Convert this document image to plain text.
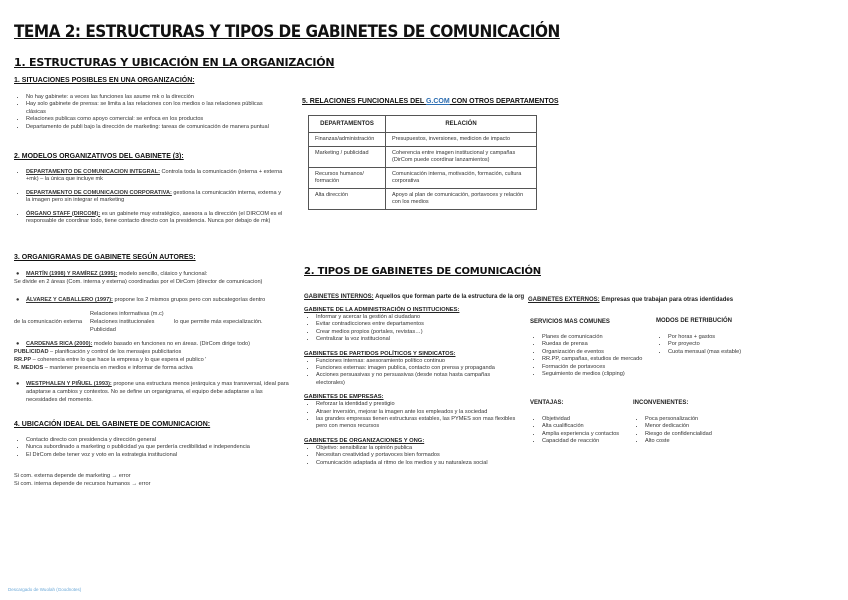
TEMA 2: ESTRUCTURAS Y TIPOS DE GABINETES DE COMUNICACIÓN
1. ESTRUCTURAS Y UBICACIÓN EN LA ORGANIZACIÓN
1. SITUACIONES POSIBLES EN UNA ORGANIZACIÓN:
• No hay gabinete: a veces las funciones las asume mk o la dirección
• Hay solo gabinete de prensa: se limita a las relaciones con los medios o las relaciones públicas clásicas
• Relaciones publicas como apoyo comercial: se enfoca en los productos
• Departamento de publi bajo la dirección de marketing: tareas de comunicación de manera puntual
2. MODELOS ORGANIZATIVOS DEL GABINETE (3):
• DEPARTAMENTO DE COMUNICACION INTEGRAL: Controla toda la comunicación (interna + externa +mk) – la única que incluye mk
• DEPARTAMENTO DE COMUNICACION CORPORATIVA: gestiona la comunicación interna, externa y la imagen pero sin integrar el marketing
• ÓRGANO STAFF (DIRCOM): es un gabinete muy estratégico, asesora a la dirección (el DIRCOM es el responsable de coordinar todo, tiene contacto directo con la presidencia. Nunca por debajo de mk)
3. ORGANIGRAMAS DE GABINETE SEGÚN AUTORES:
● MARTÍN (1998) Y RAMÍREZ (1995): modelo sencillo, clásico y funcional:
Se divide en 2 áreas (Com. interna y externa) coordinadas por el DirCom (director de comunicacion)
● ÁLVAREZ Y CABALLERO (1997): propone los 2 mismos grupos pero con subcategorías dentro
de la comunicación externa
Relaciones informativas (m.c)
Relaciones institucionales
Publicidad
lo que permite más especialización.
● CARDENAS RICA (2000): modelo basado en funciones no en áreas. (DirCom dirige todo)
PUBLICIDAD – planificación y control de los mensajes publicitarios
RR.PP – coherencia entre lo que hace la empresa y lo que espera el publico '
R. MEDIOS – mantener presencia en medios e informar de forma activa
● WESTPHALEN Y PIÑUEL (1993): propone una estructura menos jerárquica y mas transversal, ideal para adaptarse a cambios y contextos. No se define un organigrama, el equipo debe adaptarse a las necesidades del momento.
4. UBICACIÓN IDEAL DEL GABINETE DE COMUNICACION:
• Contacto directo con presidencia y dirección general
• Nunca subordinado a marketing o publicidad ya que perdería credibilidad e independencia
• El DirCom debe tener voz y voto en la estrategia institucional
Si com. externa depende de marketing → error
Si com. interna depende de recursos humanos → error
5. RELACIONES FUNCIONALES DEL G.COM CON OTROS DEPARTAMENTOS
DEPARTAMENTOS	RELACIÓN
Finanzas/administración	Presupuestos, inversiones, medicion de impacto
Marketing / publicidad	Coherencia entre imagen institucional y campañas (DirCom puede coordinar lanzamientos)
Recursos humanos/ formación	Comunicación interna, motivación, formación, cultura corporativa
Alta dirección	Apoyo al plan de comunicación, portavoces y relación con los medios
2. TIPOS DE GABINETES DE COMUNICACIÓN
GABINETES INTERNOS: Aquellos que forman parte de la estructura de la org
GABINETE DE LA ADMINISTRACIÓN O INSTITUCIONES:
• Informar y acercar la gestión al ciudadano
• Evitar contradicciones entre departamentos
• Crear medios propios (portales, revistas…)
• Centralizar la voz institucional
GABINETES DE PARTIDOS POLÍTICOS Y SINDICATOS:
• Funciones internas: asesoramiento político continuo
• Funciones externas: imagen publica, contacto con prensa y propaganda
• Acciones persuasivas y no persuasivas (desde notas hasta campañas electorales)
GABINETES DE EMPRESAS:
• Reforzar la identidad y prestigio
• Atraer inversión, mejorar la imagen ante los empleados y la sociedad
• las grandes empresas tienen estructuras estables, las PYMES son mas flexibles pero con menos recursos
GABINETES DE ORGANIZACIONES Y ONG:
• Objetivo: sensibilizar la opinión publica
• Necesitan creatividad y portavoces bien formados
• Comunicación adaptada al ritmo de los medios y su naturaleza social
GABINETES EXTERNOS: Empresas que trabajan para otras identidades
SERVICIOS MAS COMUNES
• Planes de comunicación
• Ruedas de prensa
• Organización de eventos
• RR.PP, campañas, estudios de mercado
• Formación de portavoces
• Seguimiento de medios (clipping)
MODOS DE RETRIBUCIÓN
• Por horas + gastos
• Por proyecto
• Cuota mensual (mas estable)
VENTAJAS:
• Objetividad
• Alta cualificación
• Amplia experiencia y contactos
• Capacidad de reacción
INCONVENIENTES:
• Poca personalización
• Menor dedicación
• Riesgo de confidencialidad
• Alto coste
Descargado de Wuolah (Goodnotes)
